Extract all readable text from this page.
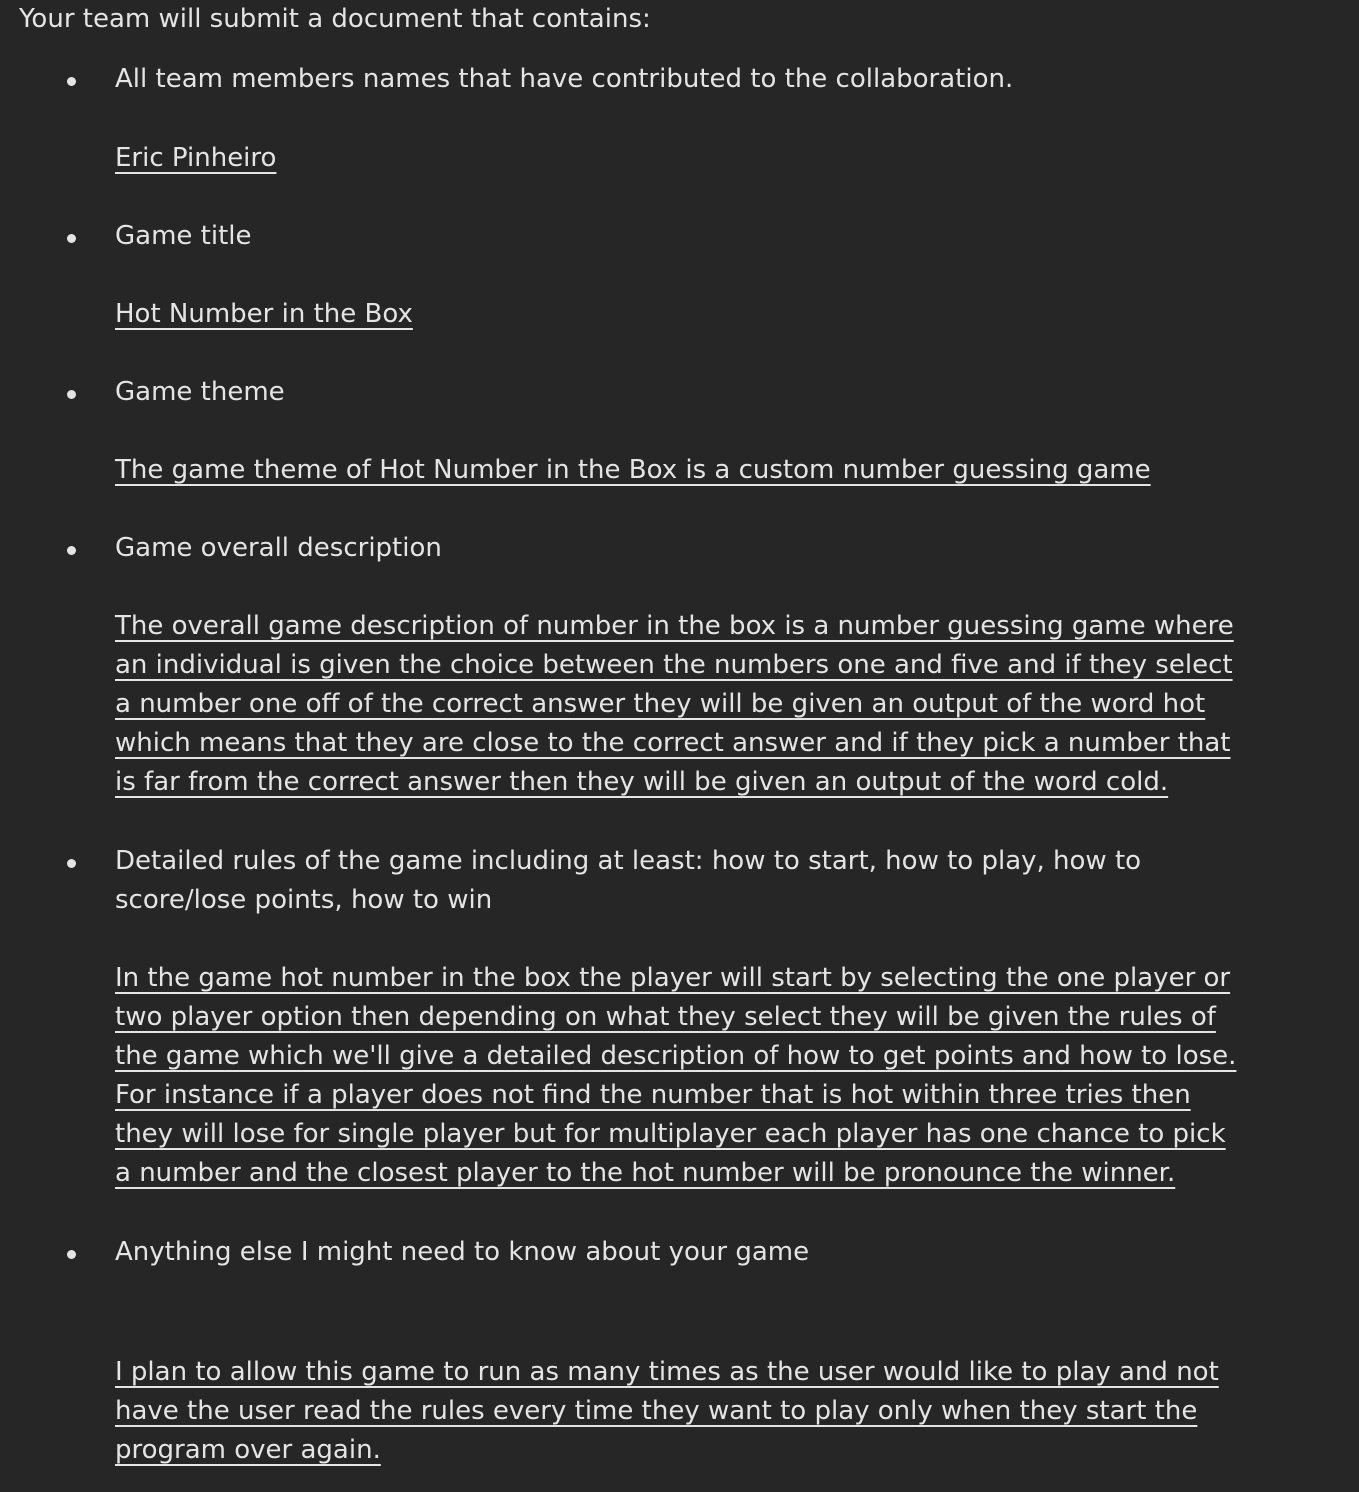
Your team will submit a document that contains:

All team members names that have contributed to the collaboration.

Eric Pinheiro

Game title

Hot Number in the Box

Game theme

The game theme of Hot Number in the Box is a custom number guessing game

Game overall description

The overall game description of number in the box is a number guessing game where
an individual is given the choice between the numbers one and five and if they select
a number one off of the correct answer they will be given an output of the word hot
which means that they are close to the correct answer and if they pick a number that
is far from the correct answer then they will be given an output of the word cold.

Detailed rules of the game including at least: how to start, how to play, how to
score/lose points, how to win

In the game hot number in the box the player will start by selecting the one player or
two player option then depending on what they select they will be given the rules of
the game which we'll give a detailed description of how to get points and how to lose.
For instance if a player does not find the number that is hot within three tries then
they will lose for single player but for multiplayer each player has one chance to pick
a number and the closest player to the hot number will be pronounce the winner.

Anything else I might need to know about your game

I plan to allow this game to run as many times as the user would like to play and not
have the user read the rules every time they want to play only when they start the
program over again.
